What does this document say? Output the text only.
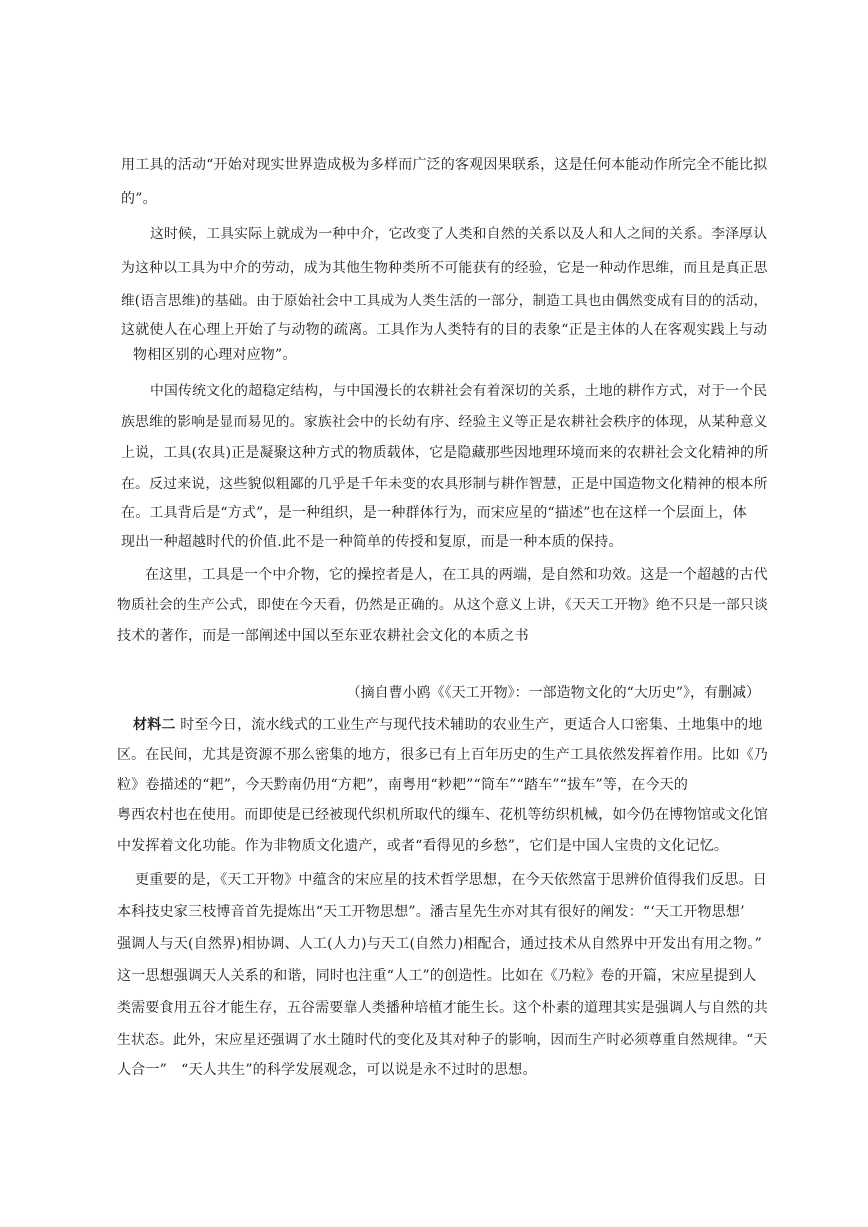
用工具的活动“开始对现实世界造成极为多样而广泛的客观因果联系，这是任何本能动作所完全不能比拟
的”。
这时候，工具实际上就成为一种中介，它改变了人类和自然的关系以及人和人之间的关系。李泽厚认
为这种以工具为中介的劳动，成为其他生物种类所不可能获有的经验，它是一种动作思维，而且是真正思
维(语言思维)的基础。由于原始社会中工具成为人类生活的一部分，制造工具也由偶然变成有目的的活动，
这就使人在心理上开始了与动物的疏离。工具作为人类特有的目的表象“正是主体的人在客观实践上与动
物相区别的心理对应物”。
中国传统文化的超稳定结构，与中国漫长的农耕社会有着深切的关系，土地的耕作方式，对于一个民
族思维的影响是显而易见的。家族社会中的长幼有序、经验主义等正是农耕社会秩序的体现，从某种意义
上说，工具(农具)正是凝聚这种方式的物质载体，它是隐藏那些因地理环境而来的农耕社会文化精神的所
在。反过来说，这些貌似粗鄙的几乎是千年未变的农具形制与耕作智慧，正是中国造物文化精神的根本所
在。工具背后是“方式”，是一种组织，是一种群体行为，而宋应星的“描述”也在这样一个层面上，体
现出一种超越时代的价值.此不是一种简单的传授和复原，而是一种本质的保持。
在这里，工具是一个中介物，它的操控者是人，在工具的两端，是自然和功效。这是一个超越的古代
物质社会的生产公式，即使在今天看，仍然是正确的。从这个意义上讲，《天天工开物》绝不只是一部只谈
技术的著作，而是一部阐述中国以至东亚农耕社会文化的本质之书
（摘自曹小鸥《《天工开物》：一部造物文化的“大历史”》，有删减）
材料二 时至今日，流水线式的工业生产与现代技术辅助的农业生产，更适合人口密集、土地集中的地
区。在民间，尤其是资源不那么密集的地方，很多已有上百年历史的生产工具依然发挥着作用。比如《乃
粒》卷描述的“耙”，今天黔南仍用“方耙”，南粤用“耖耙”“筒车”“踏车”“拔车”等，在今天的
粤西农村也在使用。而即使是已经被现代织机所取代的缫车、花机等纺织机械，如今仍在博物馆或文化馆
中发挥着文化功能。作为非物质文化遗产，或者“看得见的乡愁”，它们是中国人宝贵的文化记忆。
更重要的是，《天工开物》中蕴含的宋应星的技术哲学思想，在今天依然富于思辨价值得我们反思。日
本科技史家三枝博音首先提炼出“天工开物思想”。潘吉星先生亦对其有很好的阐发：“‘天工开物思想’
强调人与天(自然界)相协调、人工(人力)与天工(自然力)相配合，通过技术从自然界中开发出有用之物。”
这一思想强调天人关系的和谐，同时也注重“人工”的创造性。比如在《乃粒》卷的开篇，宋应星提到人
类需要食用五谷才能生存，五谷需要靠人类播种培植才能生长。这个朴素的道理其实是强调人与自然的共
生状态。此外，宋应星还强调了水土随时代的变化及其对种子的影响，因而生产时必须尊重自然规律。“天
人合一”　“天人共生”的科学发展观念，可以说是永不过时的思想。
